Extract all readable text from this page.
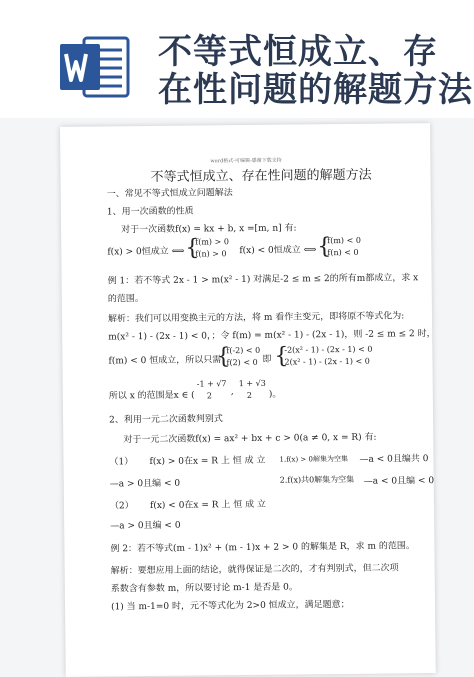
不等式恒成立、存
在性问题的解题方法
word格式-可编辑-感谢下载支持
不等式恒成立、存在性问题的解题方法
一、常见不等式恒成立问题解法
1、用一次函数的性质
对于一次函数f(x) = kx + b, x =[m, n] 有:
f(x) > 0恒成立 ⟺ {
f(m) > 0
f(n) > 0 f(x) < 0恒成立 ⟺ {
f(m) < 0
f(n) < 0
例 1：若不等式 2x - 1 > m(x² - 1) 对满足-2 ≤ m ≤ 2的所有m都成立，求 x
的范围。
解析：我们可以用变换主元的方法，将 m 看作主变元，即将原不等式化为:
m(x² - 1) - (2x - 1) < 0，；令 f(m) = m(x² - 1) - (2x - 1)，则 -2 ≤ m ≤ 2 时，
f(m) < 0 恒成立，所以只需
{
f(-2) < 0
f(2) < 0 即 {
-2(x² - 1) - (2x - 1) < 0
2(x² - 1) - (2x - 1) < 0
所以 x 的范围是x ∈ (
-1 + √7
2 ,
1 + √3
2 )。
2、利用一元二次函数判别式
对于一元二次函数f(x) = ax² + bx + c > 0(a ≠ 0, x = R) 有:
（1） f(x) > 0在x = R 上 恒 成 立 1.f(x) > 0解集为空集 —a < 0且编共 0
—a > 0且编 < 0	2.f(x)共0解集为空集 —a < 0且编 < 0
（2） f(x) < 0在x = R 上 恒 成 立
—a > 0且编 < 0
例 2：若不等式(m - 1)x² + (m - 1)x + 2 > 0 的解集是 R，求 m 的范围。
解析：要想应用上面的结论，就得保证是二次的，才有判别式，但二次项
系数含有参数 m，所以要讨论 m-1 是否是 0。
(1) 当 m-1=0 时，元不等式化为 2>0 恒成立，满足题意；
